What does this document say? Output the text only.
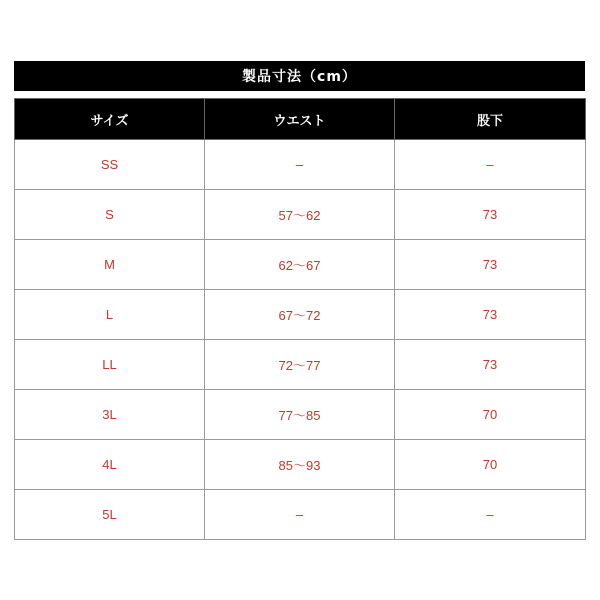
製品寸法（cm）
サイズ	ウエスト	股下
SS	–	–
S	57〜62	73
M	62〜67	73
L	67〜72	73
LL	72〜77	73
3L	77〜85	70
4L	85〜93	70
5L	–	–
